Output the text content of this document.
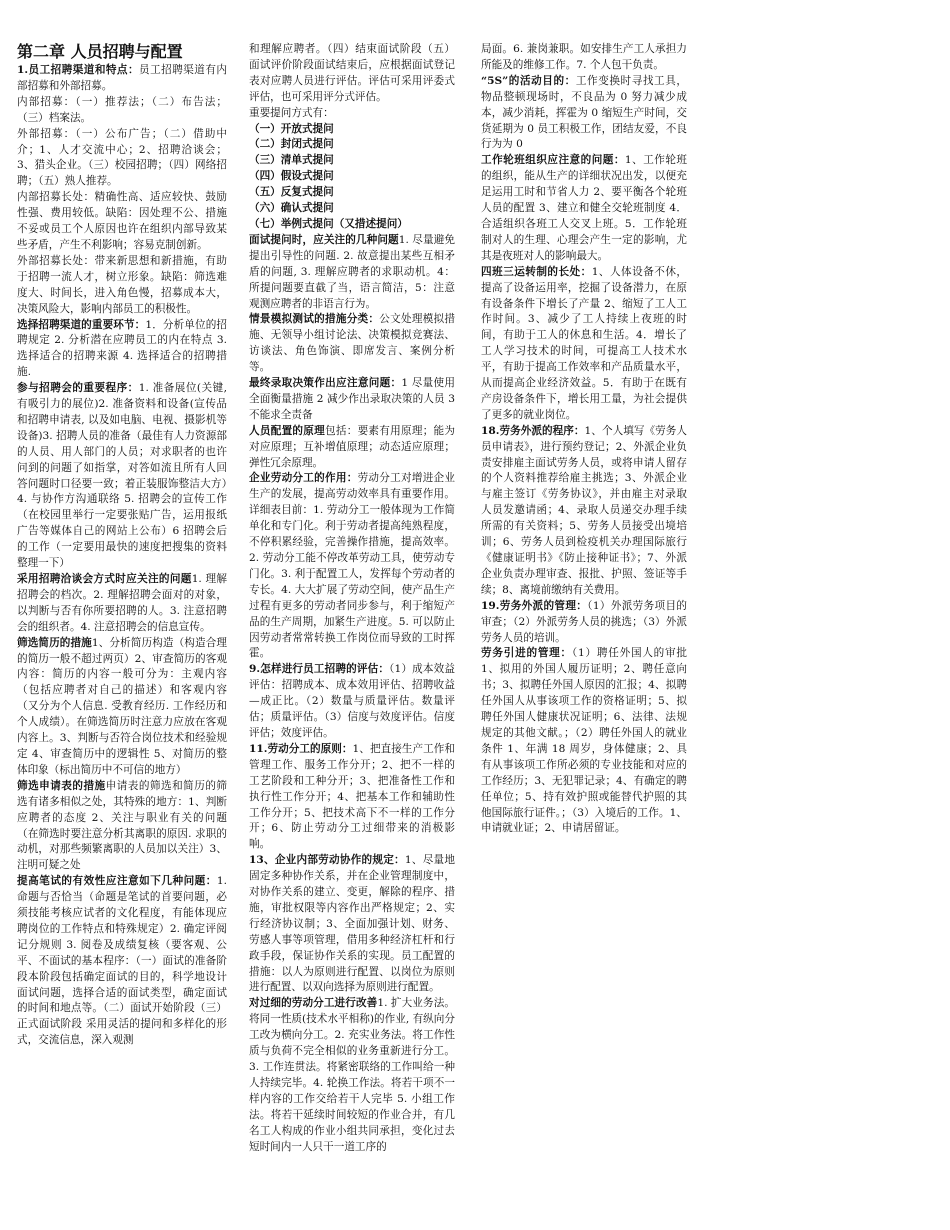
第二章 人员招聘与配置

1.员工招聘渠道和特点：员工招聘渠道有内部招募和外部招募。

内部招募：（一）推荐法；（二）布告法；（三）档案法。

外部招募：（一）公布广告；（二）借助中介；1、人才交流中心；2、招聘洽谈会；3、猎头企业。（三）校园招聘；（四）网络招聘；（五）熟人推荐。

内部招募长处：精确性高、适应较快、鼓励性强、费用较低。缺陷：因处理不公、措施不妥或员工个人原因也许在组织内部导致某些矛盾，产生不利影响；容易克制创新。

外部招募长处：带来新思想和新措施，有助于招聘一流人才，树立形象。缺陷：筛选难度大、时间长，进入角色慢，招募成本大，决策风险大，影响内部员工的积极性。

选择招聘渠道的重要环节：1．分析单位的招聘规定 2. 分析潜在应聘员工的内在特点 3. 选择适合的招聘来源 4. 选择适合的招聘措施.

参与招聘会的重要程序：1. 准备展位(关键, 有吸引力的展位)2. 准备资料和设备(宣传品和招聘申请表, 以及如电脑、电视、摄影机等设备)3. 招聘人员的准备（最佳有人力资源部的人员、用人部门的人员；对求职者的也许问到的问题了如指掌，对答如流且所有人回答问题时口径要一致；着正装服饰整洁大方）4. 与协作方沟通联络 5. 招聘会的宣传工作（在校园里举行一定要张贴广告，运用报纸广告等媒体自己的网站上公布）6 招聘会后的工作（一定要用最快的速度把搜集的资料整理一下）

采用招聘洽谈会方式时应关注的问题1. 理解招聘会的档次。2. 理解招聘会面对的对象，以判断与否有你所要招聘的人。3. 注意招聘会的组织者。4. 注意招聘会的信息宣传。

筛选简历的措施1、分析简历构造（构造合理的简历一般不超过两页）2、审查简历的客观内容：简历的内容一般可分为：主观内容（包括应聘者对自己的描述）和客观内容（又分为个人信息. 受教育经历. 工作经历和个人成绩）。在筛选简历时注意力应放在客观内容上。3、判断与否符合岗位技术和经验规定 4、审查简历中的逻辑性 5、对简历的整体印象（标出简历中不可信的地方）

筛选申请表的措施申请表的筛选和简历的筛选有诸多相似之处，其特殊的地方：1、判断应聘者的态度 2、关注与职业有关的问题（在筛选时要注意分析其离职的原因. 求职的动机，对那些频繁离职的人员加以关注）3、注明可疑之处

提高笔试的有效性应注意如下几种问题：1. 命题与否恰当（命题是笔试的首要问题，必须技能考核应试者的文化程度，有能体现应聘岗位的工作特点和特殊规定）2. 确定评阅记分规则 3. 阅卷及成绩复核（要客观、公平、不面试的基本程序：（一）面试的准备阶段本阶段包括确定面试的目的，科学地设计面试问题，选择合适的面试类型，确定面试的时间和地点等。（二）面试开始阶段（三）正式面试阶段 采用灵活的提问和多样化的形式，交流信息，深入观测

和理解应聘者。（四）结束面试阶段（五）面试评价阶段面试结束后，应根据面试登记表对应聘人员进行评估。评估可采用评委式评估，也可采用评分式评估。

重要提问方式有：

（一）开放式提问
（二）封闭式提问
（三）清单式提问
（四）假设式提问
（五）反复式提问
（六）确认式提问
（七）举例式提问（又措述提问）

面试提问时，应关注的几种问题1. 尽量避免提出引导性的问题. 2. 故意提出某些互相矛盾的问题, 3. 理解应聘者的求职动机。4：所提问题要直截了当，语言简洁，5：注意观测应聘者的非语言行为。

情景模拟测试的措施分类：公文处理模拟措施、无领导小组讨论法、决策模拟竞赛法、访谈法、角色饰演、即席发言、案例分析等。

最终录取决策作出应注意问题：1 尽量使用全面衡量措施 2 减少作出录取决策的人员 3 不能求全责备

人员配置的原理包括：要素有用原理；能为对应原理；互补增值原理；动态适应原理；弹性冗余原理。

企业劳动分工的作用：劳动分工对增进企业生产的发展，提高劳动效率具有重要作用。详细表目前：1. 劳动分工一般体现为工作简单化和专门化。利于劳动者提高纯熟程度，不停积累经验，完善操作措施，提高效率。2. 劳动分工能不停改革劳动工具，使劳动专门化。3. 利于配置工人，发挥每个劳动者的专长。4. 大大扩展了劳动空间，使产品生产过程有更多的劳动者同步参与，利于缩短产品的生产周期，加紧生产进度。5. 可以防止因劳动者常常转换工作岗位而导致的工时挥霍。

9.怎样进行员工招聘的评估：（1）成本效益评估：招聘成本、成本效用评估、招聘收益—成正比。（2）数量与质量评估。数量评估；质量评估。（3）信度与效度评估。信度评估；效度评估。

11.劳动分工的原则：1、把直接生产工作和管理工作、服务工作分开；2、把不一样的工艺阶段和工种分开；3、把准备性工作和执行性工作分开；4、把基本工作和辅助性工作分开；5、把技术高下不一样的工作分开；6、防止劳动分工过细带来的消极影响。

13、企业内部劳动协作的规定：1、尽量地固定多种协作关系，并在企业管理制度中，对协作关系的建立、变更，解除的程序、措施，审批权限等内容作出严格规定；2、实行经济协议制；3、全面加强计划、财务、劳感人事等项管理，借用多种经济杠杆和行政手段，保证协作关系的实现。员工配置的措施：以人为原则进行配置、以岗位为原则进行配置、以双向选择为原则进行配置。

对过细的劳动分工进行改善1. 扩大业务法。将同一性质(技术水平相称)的作业, 有纵向分工改为横向分工。2. 充实业务法。将工作性质与负荷不完全相似的业务重新进行分工。3. 工作连贯法。将紧密联络的工作叫给一种人持续完毕。4. 轮换工作法。将若干项不一样内容的工作交给若干人完毕 5. 小组工作法。将若干延续时间较短的作业合并，有几名工人构成的作业小组共同承担，变化过去短时间内一人只干一道工序的

局面。6. 兼岗兼职。如安排生产工人承担力所能及的维修工作。7. 个人包干负责。

“5S”的活动目的：工作变换时寻找工具，物品整顿现场时，不良品为 0 努力减少成本，减少消耗，挥霍为 0 缩短生产时间，交货延期为 0 员工积极工作，团结友爱，不良行为为 0

工作轮班组织应注意的问题：1、工作轮班的组织，能从生产的详细状况出发，以便充足运用工时和节省人力 2、要平衡各个轮班人员的配置 3、建立和健全交轮班制度 4．合适组织各班工人交叉上班。5．工作轮班制对人的生理、心理会产生一定的影响，尤其是夜班对人的影响最大。

四班三运转制的长处：1、人体设备不休，提高了设备运用率，挖掘了设备潜力，在原有设备条件下增长了产量 2、缩短了工人工作时间。3、减少了工人持续上夜班的时间，有助于工人的休息和生活。4．增长了工人学习技术的时间，可提高工人技术水平，有助于提高工作效率和产品质量水平，从而提高企业经济效益。5．有助于在既有产房设备条件下，增长用工量，为社会提供了更多的就业岗位。

18.劳务外派的程序：1、个人填写《劳务人员申请表》，进行预约登记；2、外派企业负责安排雇主面试劳务人员，或将申请人留存的个人资料推荐给雇主挑选；3、外派企业与雇主签订《劳务协议》，并由雇主对录取人员发邀请函；4、录取人员递交办理手续所需的有关资料；5、劳务人员接受出境培训；6、劳务人员到检疫机关办理国际旅行《健康证明书》《防止接种证书》；7、外派企业负责办理审查、报批、护照、签证等手续；8、离境前缴纳有关费用。

19.劳务外派的管理：（1）外派劳务项目的审查；（2）外派劳务人员的挑选；（3）外派劳务人员的培训。

劳务引进的管理：（1）聘任外国人的审批 1、拟用的外国人履历证明；2、聘任意向书；3、拟聘任外国人原因的汇报；4、拟聘任外国人从事该项工作的资格证明；5、拟聘任外国人健康状况证明；6、法律、法规规定的其他文献。；（2）聘任外国人的就业条件 1、年满 18 周岁，身体健康；2、具有从事该项工作所必须的专业技能和对应的工作经历；3、无犯罪记录；4、有确定的聘任单位；5、持有效护照或能替代护照的其他国际旅行证件。；（3）入境后的工作。1、申请就业证；2、申请居留证。
